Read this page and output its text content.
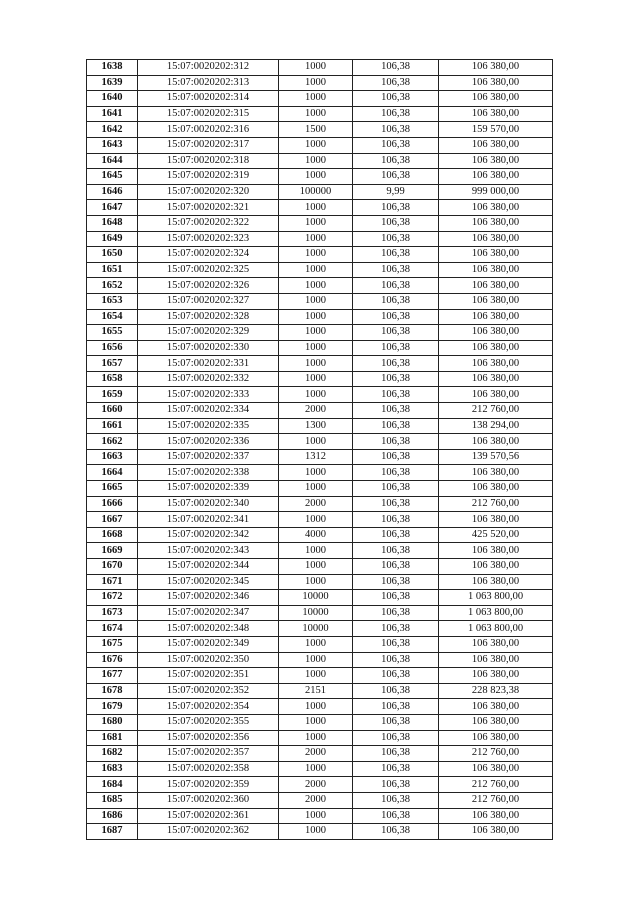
1638	15:07:0020202:312	1000	106,38	106 380,00
1639	15:07:0020202:313	1000	106,38	106 380,00
1640	15:07:0020202:314	1000	106,38	106 380,00
1641	15:07:0020202:315	1000	106,38	106 380,00
1642	15:07:0020202:316	1500	106,38	159 570,00
1643	15:07:0020202:317	1000	106,38	106 380,00
1644	15:07:0020202:318	1000	106,38	106 380,00
1645	15:07:0020202:319	1000	106,38	106 380,00
1646	15:07:0020202:320	100000	9,99	999 000,00
1647	15:07:0020202:321	1000	106,38	106 380,00
1648	15:07:0020202:322	1000	106,38	106 380,00
1649	15:07:0020202:323	1000	106,38	106 380,00
1650	15:07:0020202:324	1000	106,38	106 380,00
1651	15:07:0020202:325	1000	106,38	106 380,00
1652	15:07:0020202:326	1000	106,38	106 380,00
1653	15:07:0020202:327	1000	106,38	106 380,00
1654	15:07:0020202:328	1000	106,38	106 380,00
1655	15:07:0020202:329	1000	106,38	106 380,00
1656	15:07:0020202:330	1000	106,38	106 380,00
1657	15:07:0020202:331	1000	106,38	106 380,00
1658	15:07:0020202:332	1000	106,38	106 380,00
1659	15:07:0020202:333	1000	106,38	106 380,00
1660	15:07:0020202:334	2000	106,38	212 760,00
1661	15:07:0020202:335	1300	106,38	138 294,00
1662	15:07:0020202:336	1000	106,38	106 380,00
1663	15:07:0020202:337	1312	106,38	139 570,56
1664	15:07:0020202:338	1000	106,38	106 380,00
1665	15:07:0020202:339	1000	106,38	106 380,00
1666	15:07:0020202:340	2000	106,38	212 760,00
1667	15:07:0020202:341	1000	106,38	106 380,00
1668	15:07:0020202:342	4000	106,38	425 520,00
1669	15:07:0020202:343	1000	106,38	106 380,00
1670	15:07:0020202:344	1000	106,38	106 380,00
1671	15:07:0020202:345	1000	106,38	106 380,00
1672	15:07:0020202:346	10000	106,38	1 063 800,00
1673	15:07:0020202:347	10000	106,38	1 063 800,00
1674	15:07:0020202:348	10000	106,38	1 063 800,00
1675	15:07:0020202:349	1000	106,38	106 380,00
1676	15:07:0020202:350	1000	106,38	106 380,00
1677	15:07:0020202:351	1000	106,38	106 380,00
1678	15:07:0020202:352	2151	106,38	228 823,38
1679	15:07:0020202:354	1000	106,38	106 380,00
1680	15:07:0020202:355	1000	106,38	106 380,00
1681	15:07:0020202:356	1000	106,38	106 380,00
1682	15:07:0020202:357	2000	106,38	212 760,00
1683	15:07:0020202:358	1000	106,38	106 380,00
1684	15:07:0020202:359	2000	106,38	212 760,00
1685	15:07:0020202:360	2000	106,38	212 760,00
1686	15:07:0020202:361	1000	106,38	106 380,00
1687	15:07:0020202:362	1000	106,38	106 380,00
